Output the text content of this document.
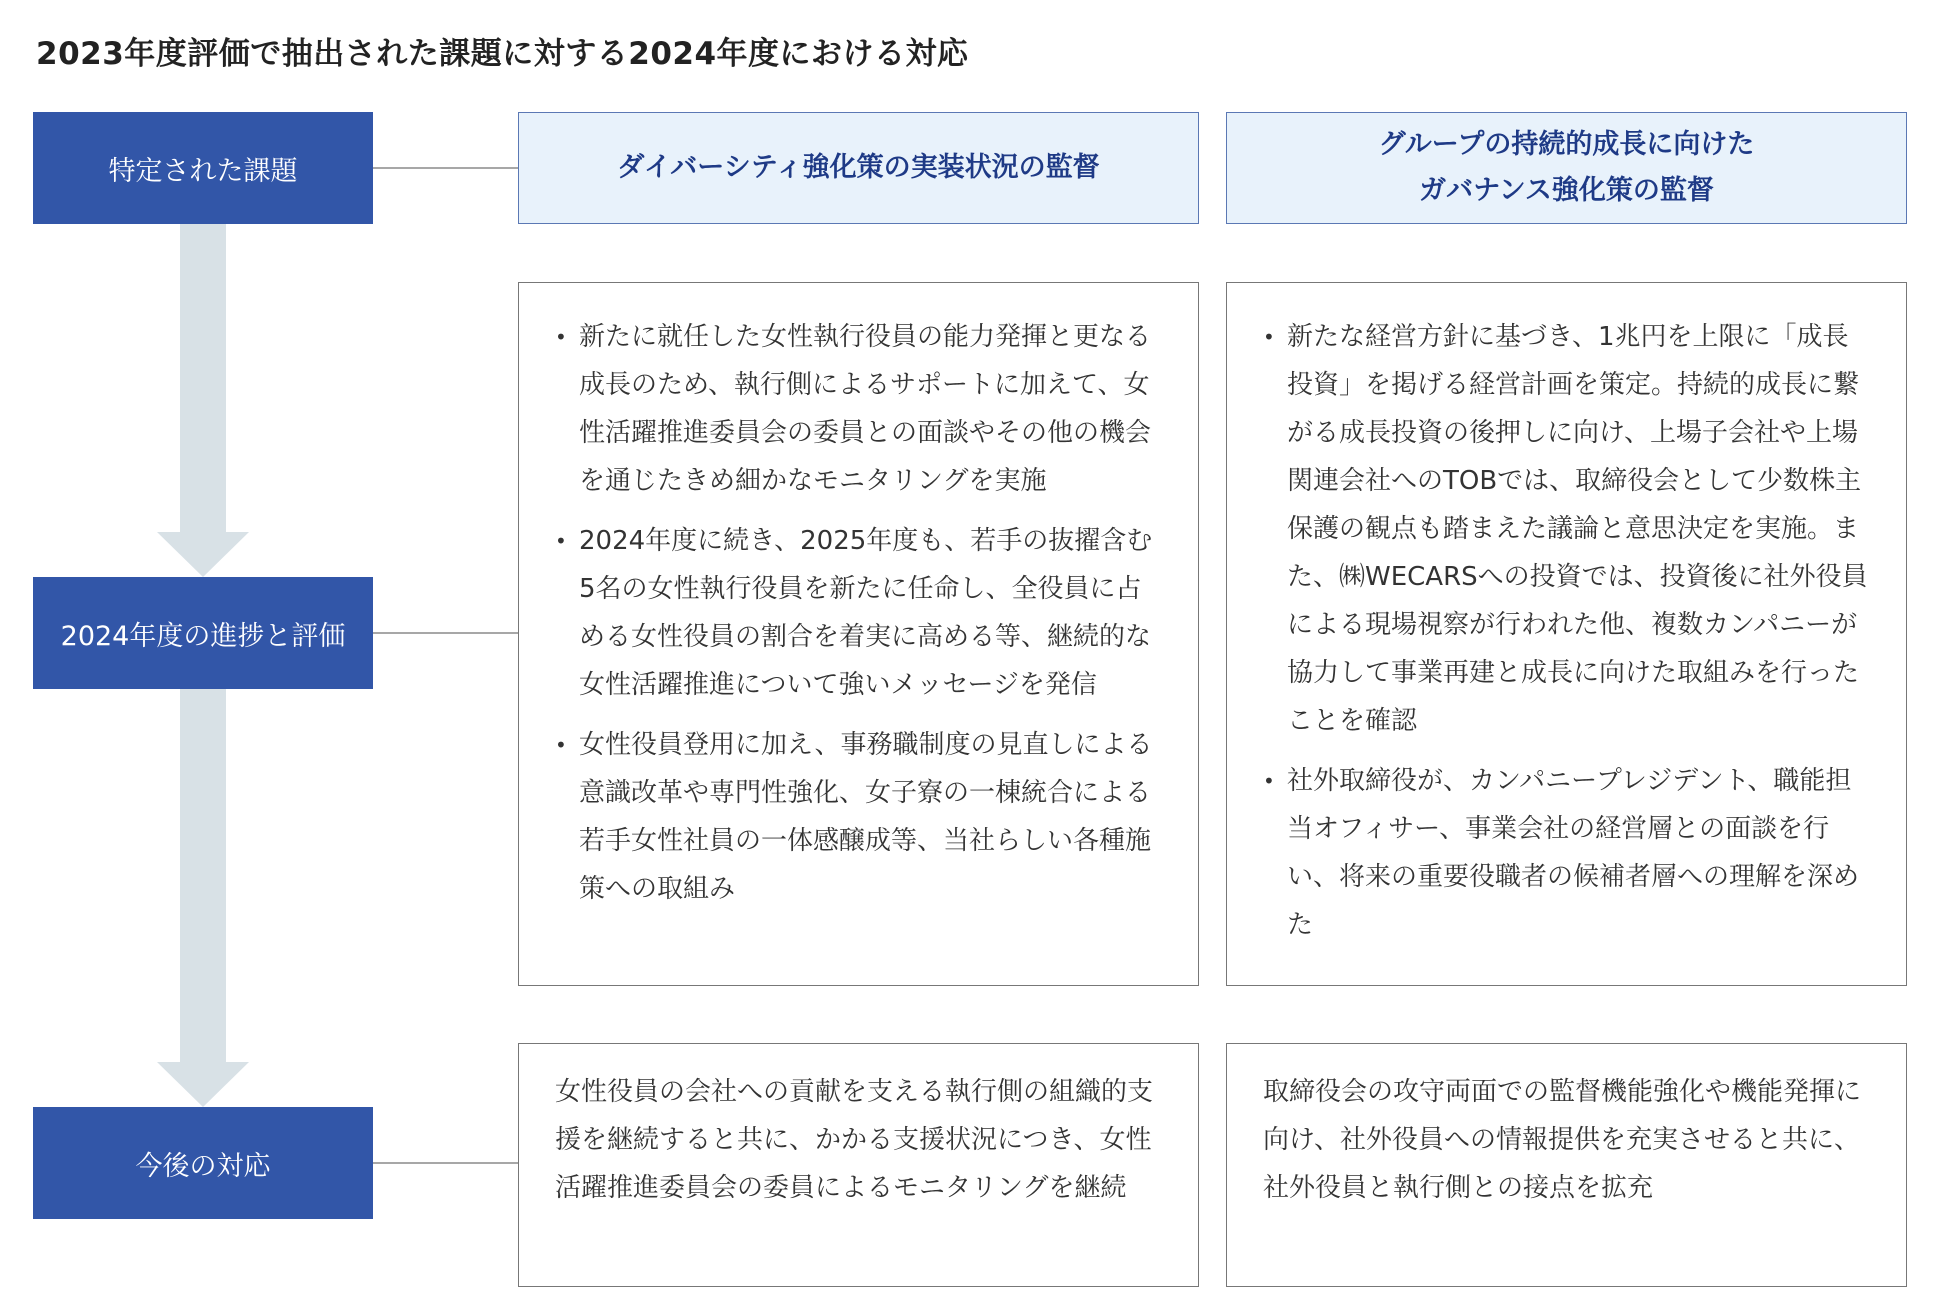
2023年度評価で抽出された課題に対する2024年度における対応
特定された課題
2024年度の進捗と評価
今後の対応
ダイバーシティ強化策の実装状況の監督
グループの持続的成長に向けた
ガバナンス強化策の監督
• 新たに就任した女性執行役員の能力発揮と更なる成長のため、執行側によるサポートに加えて、女性活躍推進委員会の委員との面談やその他の機会を通じたきめ細かなモニタリングを実施
• 2024年度に続き、2025年度も、若手の抜擢含む5名の女性執行役員を新たに任命し、全役員に占める女性役員の割合を着実に高める等、継続的な女性活躍推進について強いメッセージを発信
• 女性役員登用に加え、事務職制度の見直しによる意識改革や専門性強化、女子寮の一棟統合による若手女性社員の一体感醸成等、当社らしい各種施策への取組み
• 新たな経営方針に基づき、1兆円を上限に「成長投資」を掲げる経営計画を策定。持続的成長に繋がる成長投資の後押しに向け、上場子会社や上場関連会社へのTOBでは、取締役会として少数株主保護の観点も踏まえた議論と意思決定を実施。また、㈱WECARSへの投資では、投資後に社外役員による現場視察が行われた他、複数カンパニーが協力して事業再建と成長に向けた取組みを行ったことを確認
• 社外取締役が、カンパニープレジデント、職能担当オフィサー、事業会社の経営層との面談を行い、将来の重要役職者の候補者層への理解を深めた

女性役員の会社への貢献を支える執行側の組織的支援を継続すると共に、かかる支援状況につき、女性活躍推進委員会の委員によるモニタリングを継続

取締役会の攻守両面での監督機能強化や機能発揮に向け、社外役員への情報提供を充実させると共に、社外役員と執行側との接点を拡充
